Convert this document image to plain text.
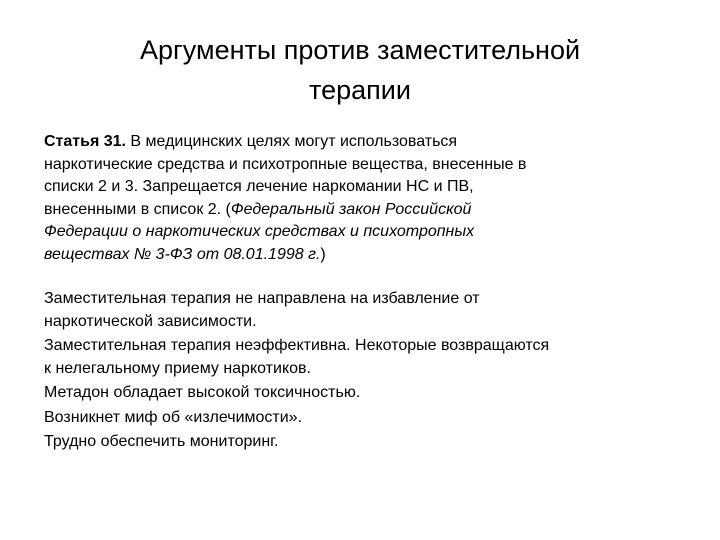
Аргументы против заместительной
терапии

Статья 31. В медицинских целях могут использоваться
наркотические средства и психотропные вещества, внесенные в
списки 2 и 3. Запрещается лечение наркомании НС и ПВ,
внесенными в список 2. (Федеральный закон Российской
Федерации о наркотических средствах и психотропных
веществах № 3-ФЗ от 08.01.1998 г.)

Заместительная терапия не направлена на избавление от
наркотической зависимости.

Заместительная терапия неэффективна. Некоторые возвращаются
к нелегальному приему наркотиков.

Метадон обладает высокой токсичностью.

Возникнет миф об «излечимости».

Трудно обеспечить мониторинг.
